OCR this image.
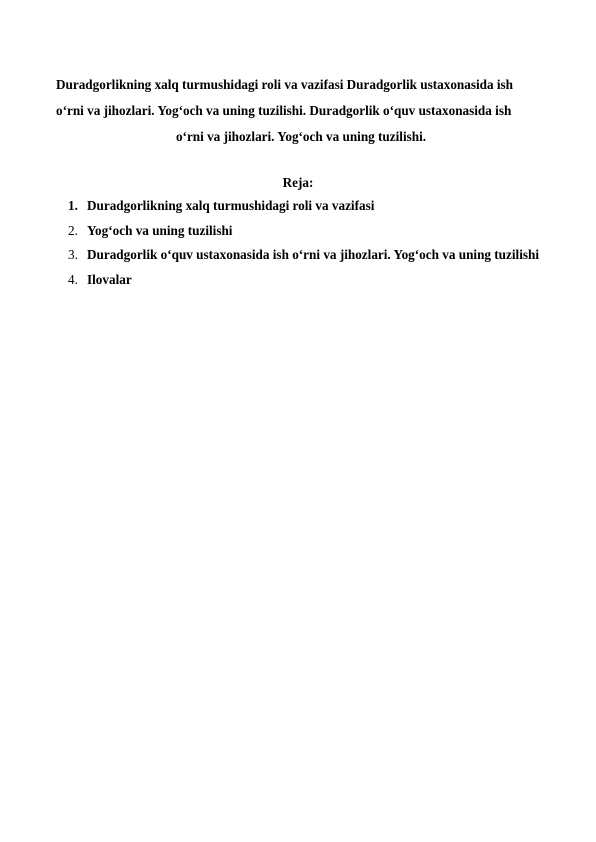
Duradgorlikning xalq turmushidagi roli va vazifasi Duradgorlik ustaxonasida ish
oʻrni va jihozlari. Yogʻoch va uning tuzilishi. Duradgorlik oʻquv ustaxonasida ish
oʻrni va jihozlari. Yogʻoch va uning tuzilishi.
Reja:
1. Duradgorlikning xalq turmushidagi roli va vazifasi
2. Yogʻoch va uning tuzilishi
3. Duradgorlik oʻquv ustaxonasida ish oʻrni va jihozlari. Yogʻoch va uning tuzilishi
4. Ilovalar
